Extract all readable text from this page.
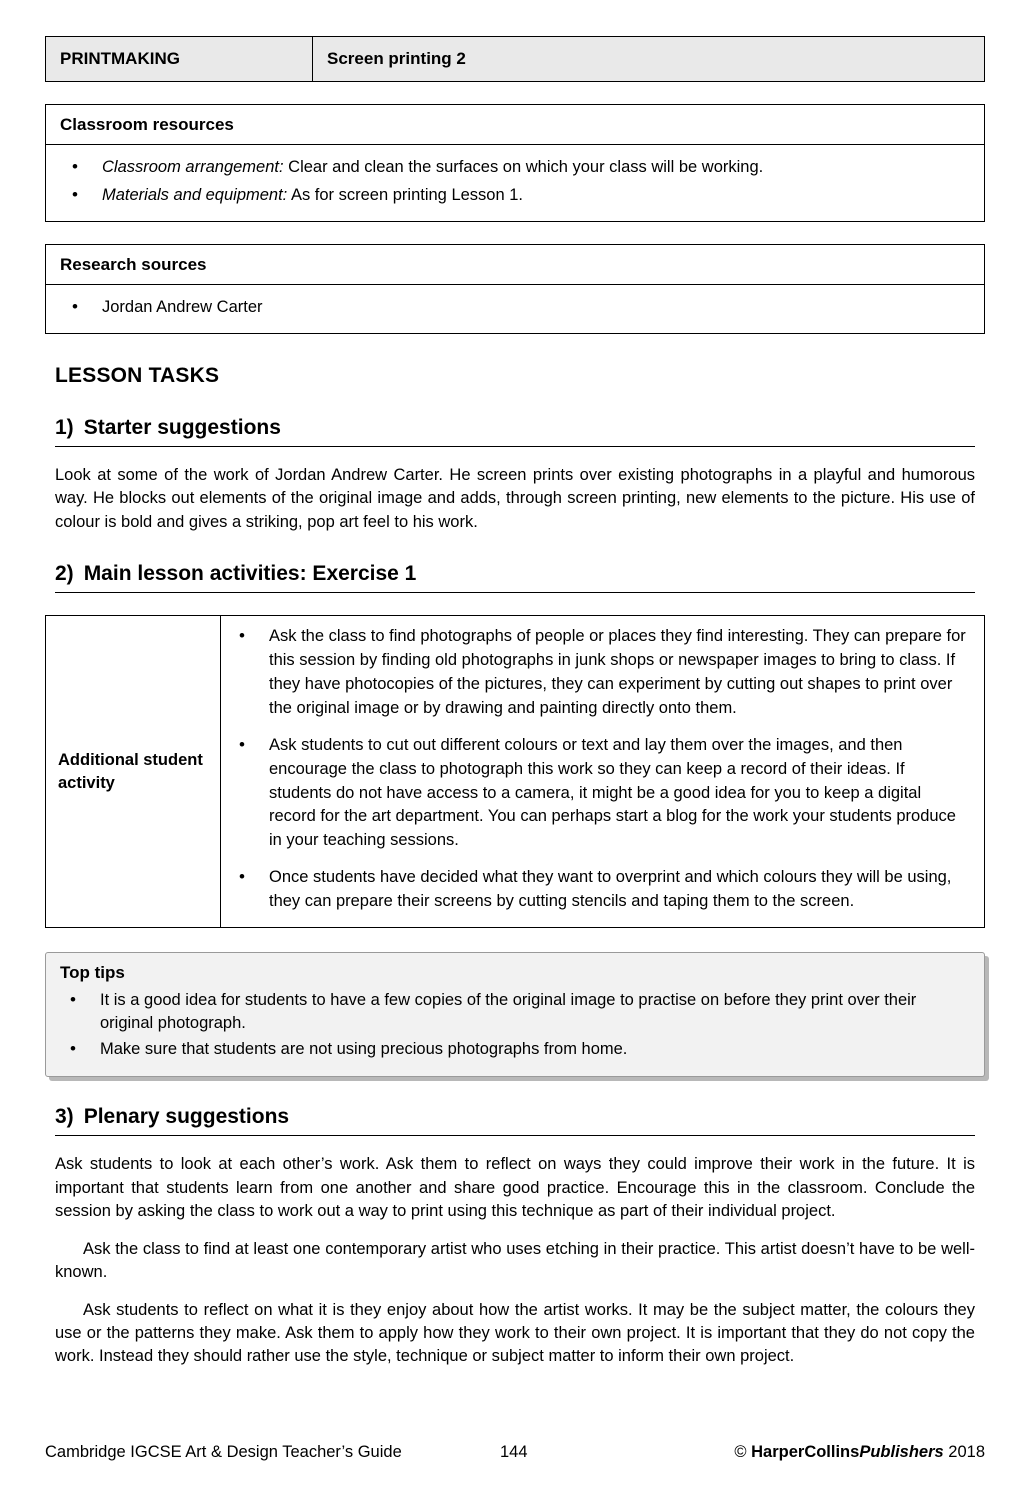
PRINTMAKING	Screen printing 2
Classroom resources

• Classroom arrangement: Clear and clean the surfaces on which your class will be working.
• Materials and equipment: As for screen printing Lesson 1.
Research sources

• Jordan Andrew Carter
LESSON TASKS
1) Starter suggestions

Look at some of the work of Jordan Andrew Carter. He screen prints over existing photographs in a playful and humorous way. He blocks out elements of the original image and adds, through screen printing, new elements to the picture. His use of colour is bold and gives a striking, pop art feel to his work.

2) Main lesson activities: Exercise 1
Additional student activity	
• Ask the class to find photographs of people or places they find interesting. They can prepare for this session by finding old photographs in junk shops or newspaper images to bring to class. If they have photocopies of the pictures, they can experiment by cutting out shapes to print over the original image or by drawing and painting directly onto them.
• Ask students to cut out different colours or text and lay them over the images, and then encourage the class to photograph this work so they can keep a record of their ideas. If students do not have access to a camera, it might be a good idea for you to keep a digital record for the art department. You can perhaps start a blog for the work your students produce in your teaching sessions.
• Once students have decided what they want to overprint and which colours they will be using, they can prepare their screens by cutting stencils and taping them to the screen.
Top tips
• It is a good idea for students to have a few copies of the original image to practise on before they print over their original photograph.
• Make sure that students are not using precious photographs from home.
3) Plenary suggestions

Ask students to look at each other’s work. Ask them to reflect on ways they could improve their work in the future. It is important that students learn from one another and share good practice. Encourage this in the classroom. Conclude the session by asking the class to work out a way to print using this technique as part of their individual project.

Ask the class to find at least one contemporary artist who uses etching in their practice. This artist doesn’t have to be well-known.

Ask students to reflect on what it is they enjoy about how the artist works. It may be the subject matter, the colours they use or the patterns they make. Ask them to apply how they work to their own project. It is important that they do not copy the work. Instead they should rather use the style, technique or subject matter to inform their own project.

Cambridge IGCSE Art & Design Teacher’s Guide	144	© HarperCollinsPublishers 2018
